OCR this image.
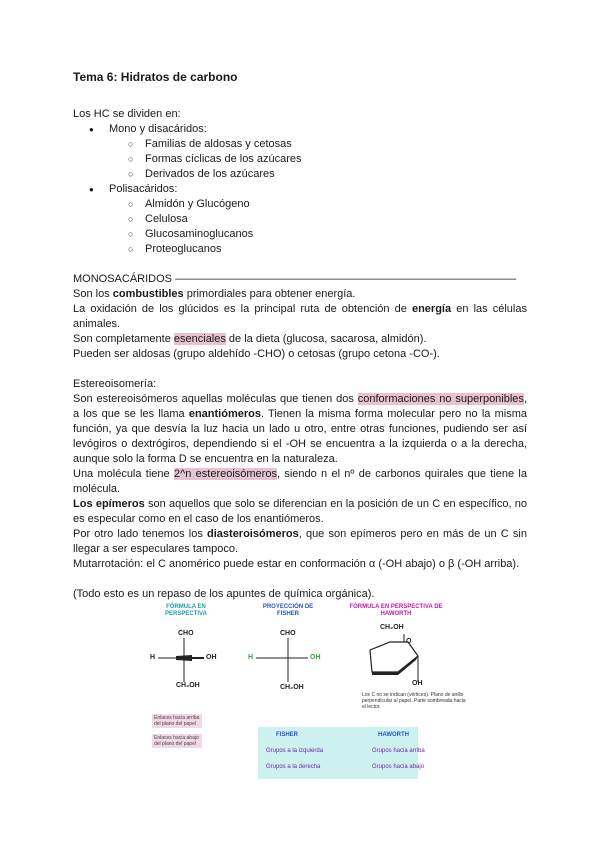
Tema 6: Hidratos de carbono

Los HC se dividen en:

● Mono y disacáridos:
○ Familias de aldosas y cetosas
○ Formas cíclicas de los azúcares
○ Derivados de los azúcares
● Polisacáridos:
○ Almidón y Glucógeno
○ Celulosa
○ Glucosaminoglucanos
○ Proteoglucanos

MONOSACÁRIDOS ———————————————————————————————

Son los combustibles primordiales para obtener energía.

La oxidación de los glúcidos es la principal ruta de obtención de energía en las células animales.

Son completamente esenciales de la dieta (glucosa, sacarosa, almidón).

Pueden ser aldosas (grupo aldehído -CHO) o cetosas (grupo cetona -CO-).

Estereoisomería:

Son estereoisómeros aquellas moléculas que tienen dos conformaciones no superponibles, a los que se les llama enantiómeros. Tienen la misma forma molecular pero no la misma función, ya que desvía la luz hacia un lado u otro, entre otras funciones, pudiendo ser así levógiros o dextrógiros, dependiendo si el -OH se encuentra a la izquierda o a la derecha, aunque solo la forma D se encuentra en la naturaleza.

Una molécula tiene 2^n estereoisómeros, siendo n el nº de carbonos quirales que tiene la molécula.

Los epímeros son aquellos que solo se diferencian en la posición de un C en específico, no es especular como en el caso de los enantiómeros.

Por otro lado tenemos los diasteroisómeros, que son epímeros pero en más de un C sin llegar a ser especulares tampoco.

Mutarrotación: el C anomérico puede estar en conformación α (-OH abajo) o β (-OH arriba).

(Todo esto es un repaso de los apuntes de química orgánica).

FÓRMULA EN PERSPECTIVA
PROYECCIÓN DE FISHER
FÓRMULA EN PERSPECTIVA DE HAWORTH
CHO
H	OH
CH₂OH
CHO
H	OH
CH₂OH
CH₂OH
O
OH
Los C no se indican (vértices). Plano de anillo perpendicular al papel. Parte sombreada hacia el lector.
Enlaces hacia arriba del plano del papel
Enlaces hacia abajo del plano del papel
FISHER	HAWORTH
Grupos a la izquierda	Grupos hacia arriba
Grupos a la derecha	Grupos hacia abajo
